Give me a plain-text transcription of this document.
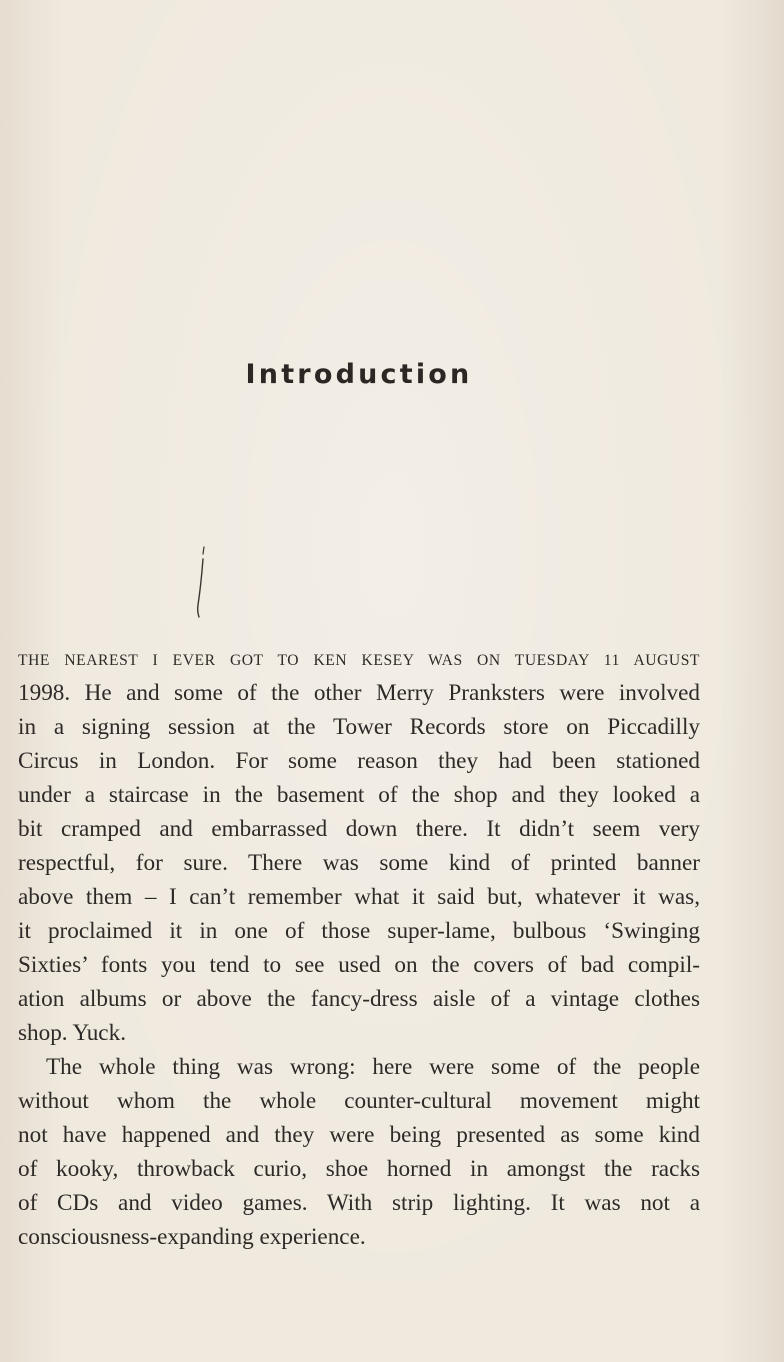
Introduction

THE NEAREST I EVER GOT TO KEN KESEY WAS ON TUESDAY 11 AUGUST
1998. He and some of the other Merry Pranksters were involved
in a signing session at the Tower Records store on Piccadilly
Circus in London. For some reason they had been stationed
under a staircase in the basement of the shop and they looked a
bit cramped and embarrassed down there. It didn’t seem very
respectful, for sure. There was some kind of printed banner
above them – I can’t remember what it said but, whatever it was,
it proclaimed it in one of those super-lame, bulbous ‘Swinging
Sixties’ fonts you tend to see used on the covers of bad compil-
ation albums or above the fancy-dress aisle of a vintage clothes
shop. Yuck.

The whole thing was wrong: here were some of the people
without whom the whole counter-cultural movement might
not have happened and they were being presented as some kind
of kooky, throwback curio, shoe horned in amongst the racks
of CDs and video games. With strip lighting. It was not a
consciousness-expanding experience.
